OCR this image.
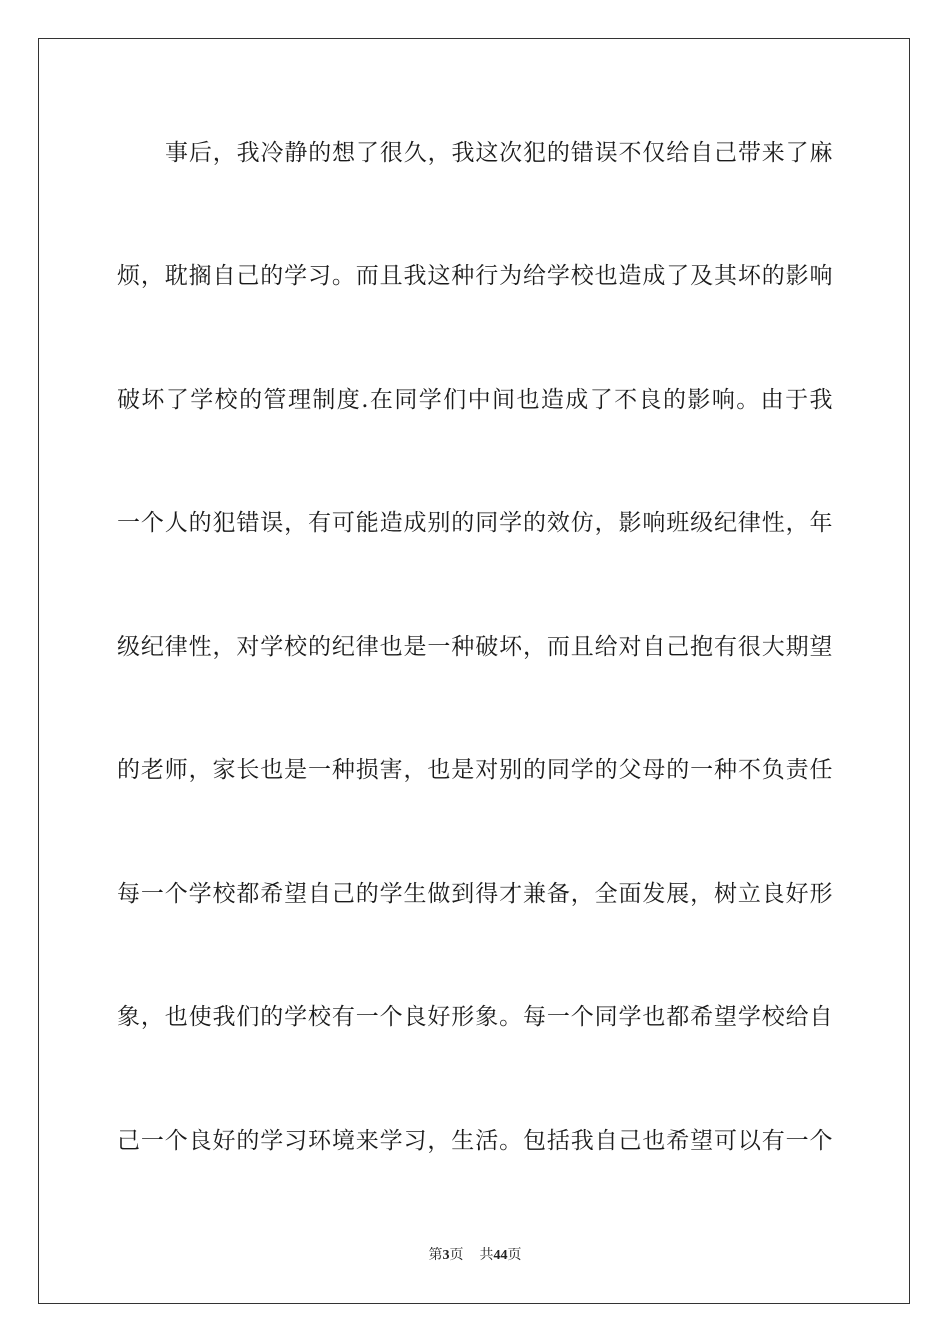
事后，我冷静的想了很久，我这次犯的错误不仅给自己带来了麻
烦，耽搁自己的学习。而且我这种行为给学校也造成了及其坏的影响
破坏了学校的管理制度.在同学们中间也造成了不良的影响。由于我
一个人的犯错误，有可能造成别的同学的效仿，影响班级纪律性，年
级纪律性，对学校的纪律也是一种破坏，而且给对自己抱有很大期望
的老师，家长也是一种损害，也是对别的同学的父母的一种不负责任
每一个学校都希望自己的学生做到得才兼备，全面发展，树立良好形
象，也使我们的学校有一个良好形象。每一个同学也都希望学校给自
己一个良好的学习环境来学习，生活。包括我自己也希望可以有一个
第3页 共44页
